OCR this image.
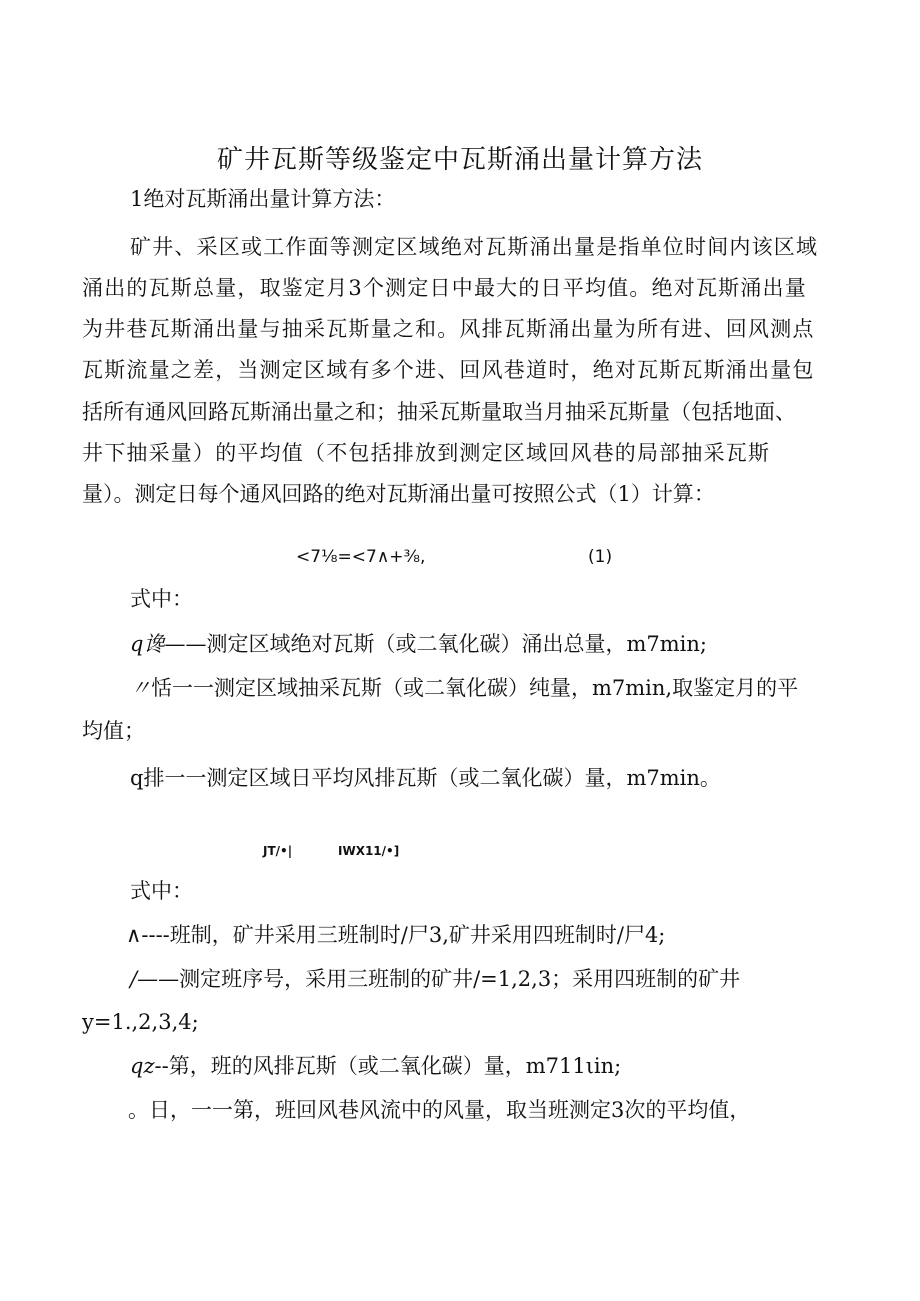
矿井瓦斯等级鉴定中瓦斯涌出量计算方法
1绝对瓦斯涌出量计算方法：
矿井、采区或工作面等测定区域绝对瓦斯涌出量是指单位时间内该区域
涌出的瓦斯总量，取鉴定月3个测定日中最大的日平均值。绝对瓦斯涌出量
为井巷瓦斯涌出量与抽采瓦斯量之和。风排瓦斯涌出量为所有进、回风测点
瓦斯流量之差，当测定区域有多个进、回风巷道时，绝对瓦斯瓦斯涌出量包
括所有通风回路瓦斯涌出量之和；抽采瓦斯量取当月抽采瓦斯量（包括地面、
井下抽采量）的平均值（不包括排放到测定区域回风巷的局部抽采瓦斯
量）。测定日每个通风回路的绝对瓦斯涌出量可按照公式（1）计算：
<7⅛=<7∧+⅜,	(1)
式中：
q谗——测定区域绝对瓦斯（或二氧化碳）涌出总量，m7min;
〃恬一一测定区域抽采瓦斯（或二氧化碳）纯量，m7min,取鉴定月的平
均值；
q排一一测定区域日平均风排瓦斯（或二氧化碳）量，m7min。
JT/•|	IWX11/•]
式中：
∧----班制，矿井采用三班制时/尸3,矿井采用四班制时/尸4;
/——测定班序号，采用三班制的矿井/=1,2,3；采用四班制的矿井
y=1.,2,3,4;
qz--第，班的风排瓦斯（或二氧化碳）量，m711ιin;
。日，一一第，班回风巷风流中的风量，取当班测定3次的平均值，
